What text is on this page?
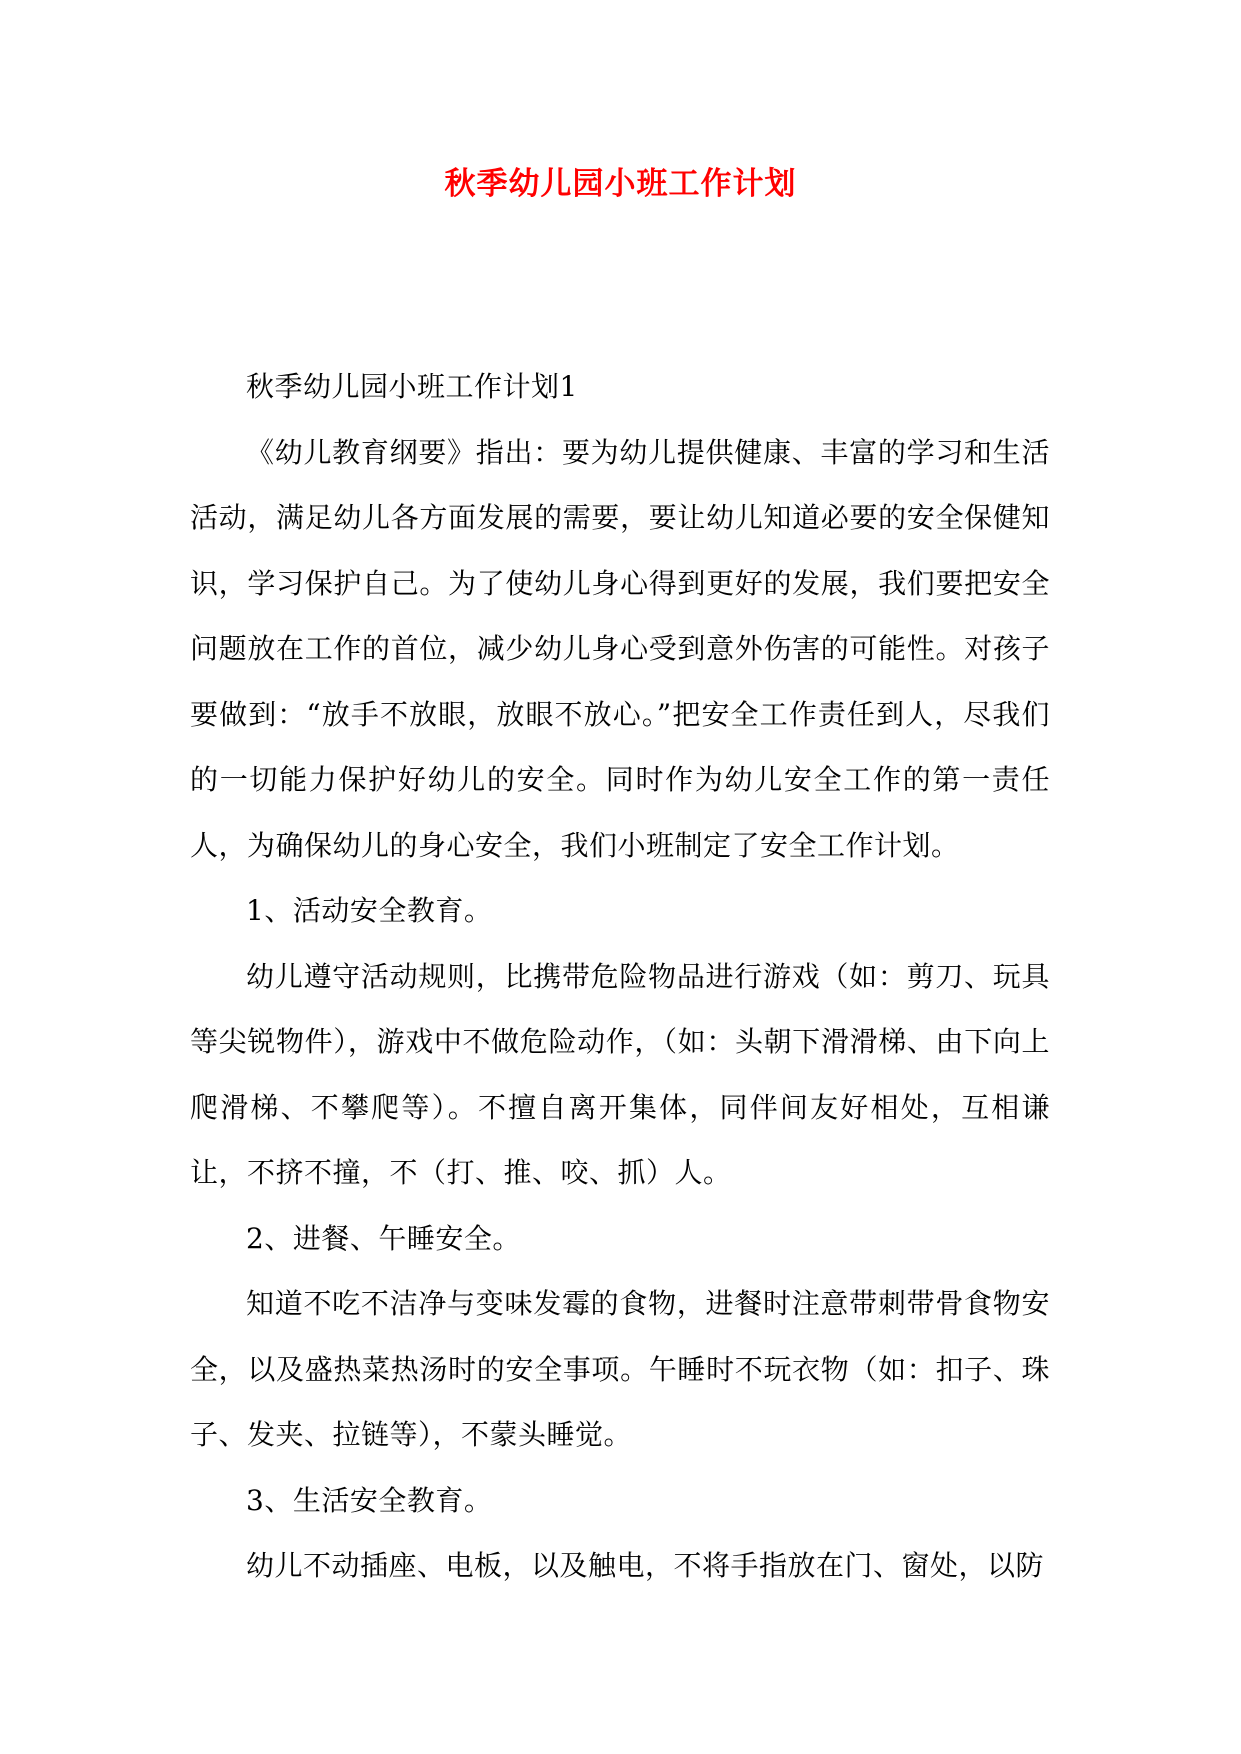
秋季幼儿园小班工作计划

秋季幼儿园小班工作计划1

《幼儿教育纲要》指出：要为幼儿提供健康、丰富的学习和生活活动，满足幼儿各方面发展的需要，要让幼儿知道必要的安全保健知识，学习保护自己。为了使幼儿身心得到更好的发展，我们要把安全问题放在工作的首位，减少幼儿身心受到意外伤害的可能性。对孩子要做到：“放手不放眼，放眼不放心。”把安全工作责任到人，尽我们的一切能力保护好幼儿的安全。同时作为幼儿安全工作的第一责任人，为确保幼儿的身心安全，我们小班制定了安全工作计划。

1、活动安全教育。

幼儿遵守活动规则，比携带危险物品进行游戏（如：剪刀、玩具等尖锐物件），游戏中不做危险动作，（如：头朝下滑滑梯、由下向上爬滑梯、不攀爬等）。不擅自离开集体，同伴间友好相处，互相谦让，不挤不撞，不（打、推、咬、抓）人。

2、进餐、午睡安全。

知道不吃不洁净与变味发霉的食物，进餐时注意带刺带骨食物安全，以及盛热菜热汤时的安全事项。午睡时不玩衣物（如：扣子、珠子、发夹、拉链等），不蒙头睡觉。

3、生活安全教育。

幼儿不动插座、电板，以及触电，不将手指放在门、窗处，以防
